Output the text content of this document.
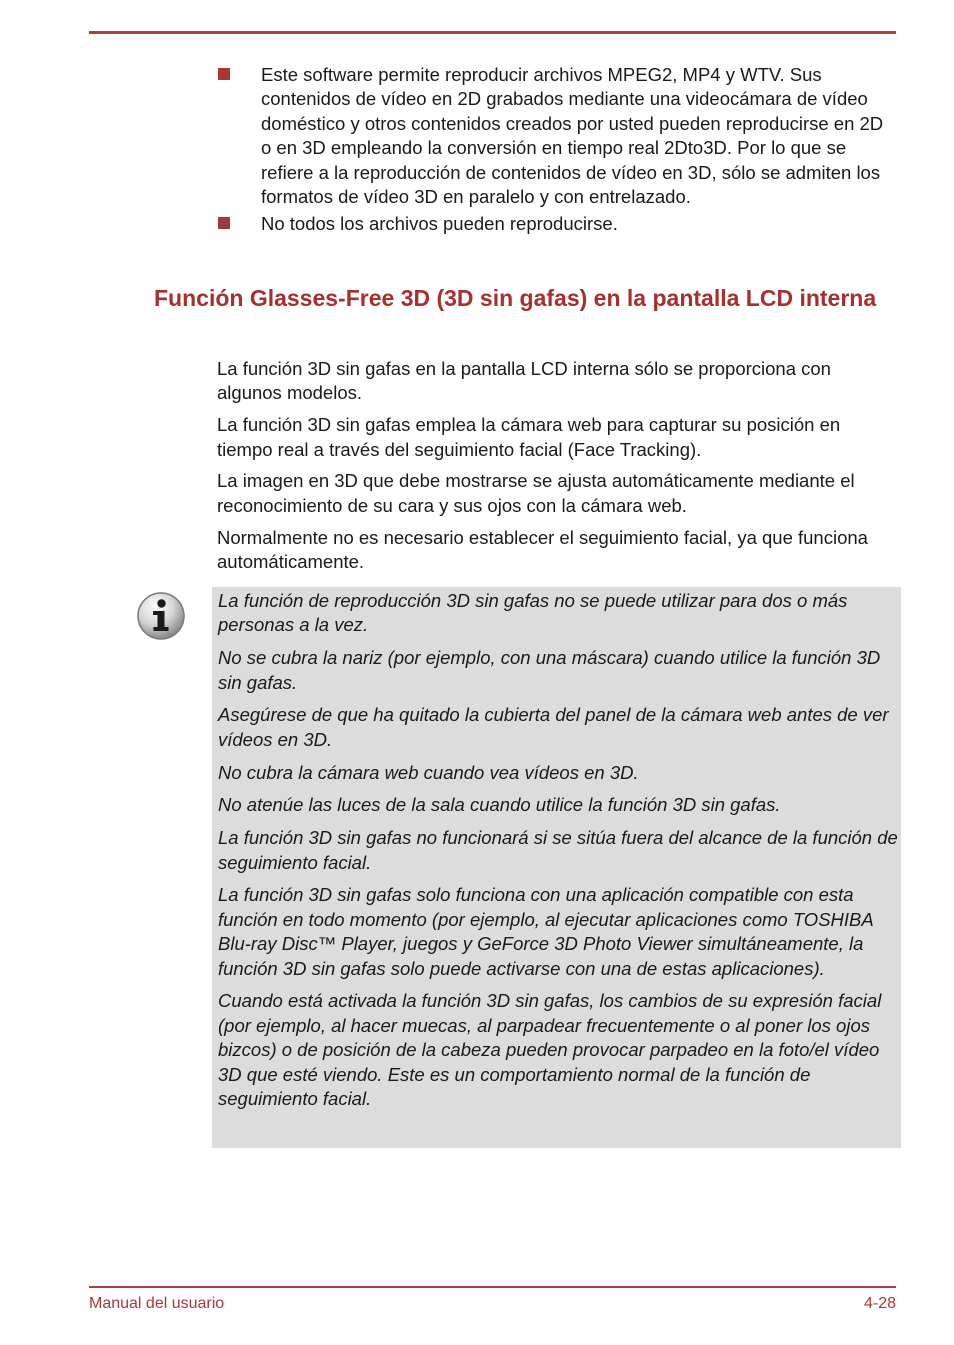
Este software permite reproducir archivos MPEG2, MP4 y WTV. Sus contenidos de vídeo en 2D grabados mediante una videocámara de vídeo doméstico y otros contenidos creados por usted pueden reproducirse en 2D o en 3D empleando la conversión en tiempo real 2Dto3D. Por lo que se refiere a la reproducción de contenidos de vídeo en 3D, sólo se admiten los formatos de vídeo 3D en paralelo y con entrelazado.
No todos los archivos pueden reproducirse.
Función Glasses-Free 3D (3D sin gafas) en la pantalla LCD interna

La función 3D sin gafas en la pantalla LCD interna sólo se proporciona con algunos modelos.

La función 3D sin gafas emplea la cámara web para capturar su posición en tiempo real a través del seguimiento facial (Face Tracking).

La imagen en 3D que debe mostrarse se ajusta automáticamente mediante el reconocimiento de su cara y sus ojos con la cámara web.

Normalmente no es necesario establecer el seguimiento facial, ya que funciona automáticamente.

La función de reproducción 3D sin gafas no se puede utilizar para dos o más personas a la vez.

No se cubra la nariz (por ejemplo, con una máscara) cuando utilice la función 3D sin gafas.

Asegúrese de que ha quitado la cubierta del panel de la cámara web antes de ver vídeos en 3D.

No cubra la cámara web cuando vea vídeos en 3D.

No atenúe las luces de la sala cuando utilice la función 3D sin gafas.

La función 3D sin gafas no funcionará si se sitúa fuera del alcance de la función de seguimiento facial.

La función 3D sin gafas solo funciona con una aplicación compatible con esta función en todo momento (por ejemplo, al ejecutar aplicaciones como TOSHIBA Blu-ray Disc™ Player, juegos y GeForce 3D Photo Viewer simultáneamente, la función 3D sin gafas solo puede activarse con una de estas aplicaciones).

Cuando está activada la función 3D sin gafas, los cambios de su expresión facial (por ejemplo, al hacer muecas, al parpadear frecuentemente o al poner los ojos bizcos) o de posición de la cabeza pueden provocar parpadeo en la foto/el vídeo 3D que esté viendo. Este es un comportamiento normal de la función de seguimiento facial.

Manual del usuario	4-28
